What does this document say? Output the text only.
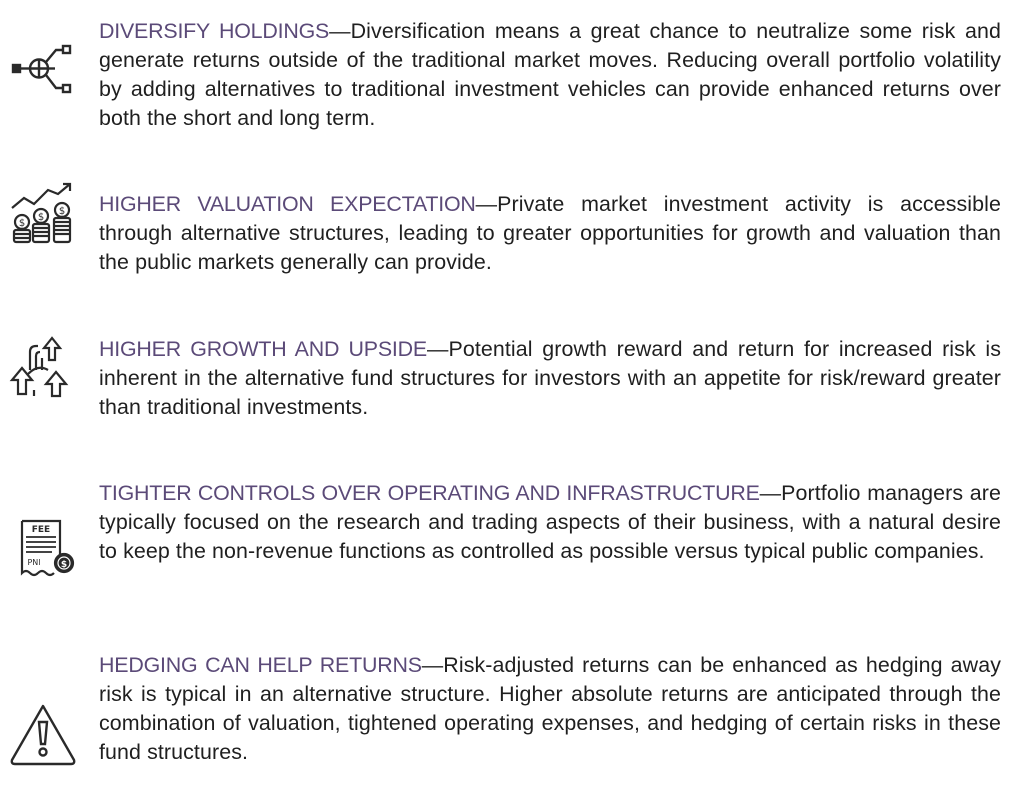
DIVERSIFY HOLDINGS—Diversification means a great chance to neutralize some risk and generate returns outside of the traditional market moves. Reducing overall portfolio volatility by adding alternatives to traditional investment vehicles can provide enhanced returns over both the short and long term.

$
$
$ HIGHER VALUATION EXPECTATION—Private market investment activity is accessible through alternative structures, leading to greater opportunities for growth and valuation than the public markets generally can provide.

HIGHER GROWTH AND UPSIDE—Potential growth reward and return for increased risk is inherent in the alternative fund structures for investors with an appetite for risk/reward greater than traditional investments.

FEE
PNl $

TIGHTER CONTROLS OVER OPERATING AND INFRASTRUCTURE—Portfolio managers are typically focused on the research and trading aspects of their business, with a natural desire to keep the non-revenue functions as controlled as possible versus typical public companies.

HEDGING CAN HELP RETURNS—Risk-adjusted returns can be enhanced as hedging away risk is typical in an alternative structure. Higher absolute returns are anticipated through the combination of valuation, tightened operating expenses, and hedging of certain risks in these fund structures.
